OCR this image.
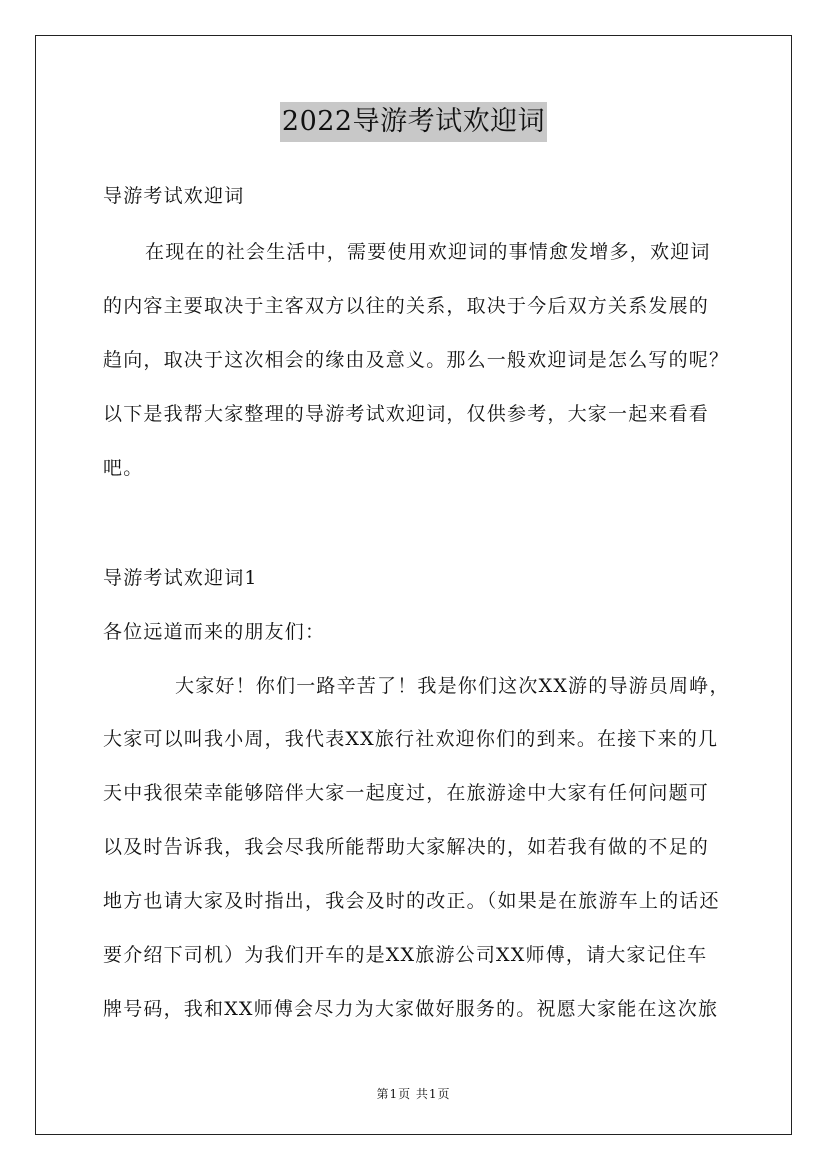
2022导游考试欢迎词
导游考试欢迎词
在现在的社会生活中，需要使用欢迎词的事情愈发增多，欢迎词
的内容主要取决于主客双方以往的关系，取决于今后双方关系发展的
趋向，取决于这次相会的缘由及意义。那么一般欢迎词是怎么写的呢？
以下是我帮大家整理的导游考试欢迎词，仅供参考，大家一起来看看
吧。
导游考试欢迎词1
各位远道而来的朋友们：
大家好！你们一路辛苦了！我是你们这次XX游的导游员周峥，
大家可以叫我小周，我代表XX旅行社欢迎你们的到来。在接下来的几
天中我很荣幸能够陪伴大家一起度过，在旅游途中大家有任何问题可
以及时告诉我，我会尽我所能帮助大家解决的，如若我有做的不足的
地方也请大家及时指出，我会及时的改正。（如果是在旅游车上的话还
要介绍下司机）为我们开车的是XX旅游公司XX师傅，请大家记住车
牌号码，我和XX师傅会尽力为大家做好服务的。祝愿大家能在这次旅
第1页 共1页
